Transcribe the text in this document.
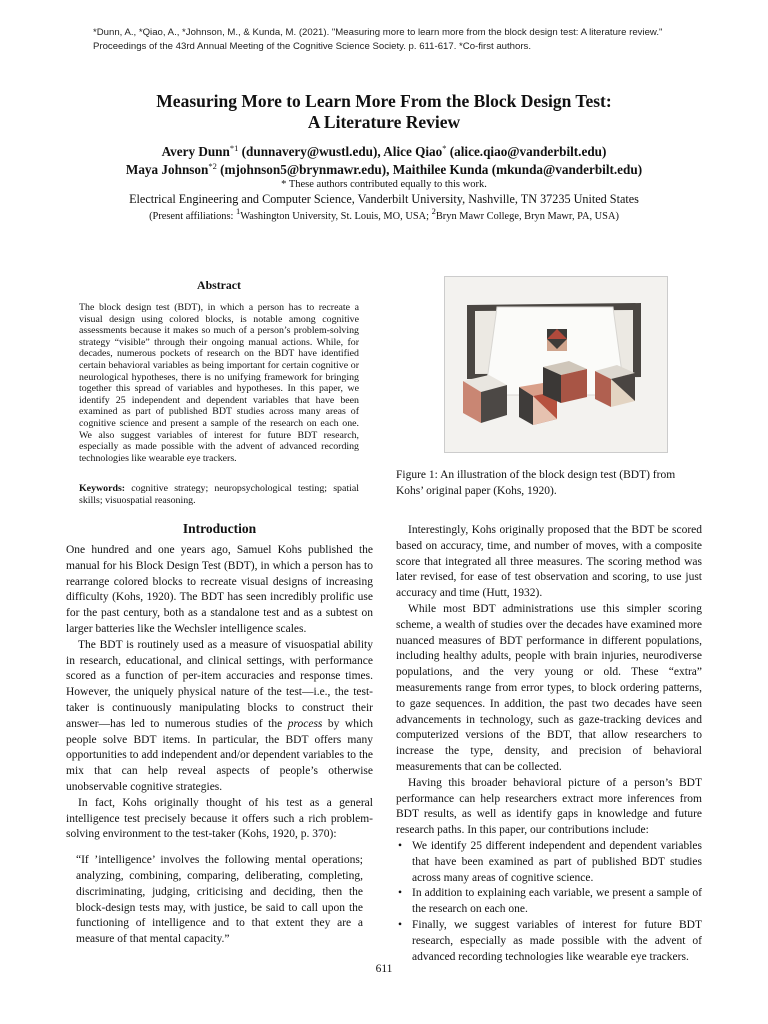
*Dunn, A., *Qiao, A., *Johnson, M., & Kunda, M. (2021). "Measuring more to learn more from the block design test: A literature review." Proceedings of the 43rd Annual Meeting of the Cognitive Science Society. p. 611-617. *Co-first authors.
Measuring More to Learn More From the Block Design Test:
A Literature Review
Avery Dunn$^{*1}$ (dunnavery@wustl.edu), Alice Qiao* (alice.qiao@vanderbilt.edu)
Maya Johnson$^{*2}$ (mjohnson5@brynmawr.edu), Maithilee Kunda (mkunda@vanderbilt.edu)
* These authors contributed equally to this work.
Electrical Engineering and Computer Science, Vanderbilt University, Nashville, TN 37235 United States
(Present affiliations: $^1$Washington University, St. Louis, MO, USA; $^2$Bryn Mawr College, Bryn Mawr, PA, USA)
Abstract
The block design test (BDT), in which a person has to recreate a visual design using colored blocks, is notable among cognitive assessments because it makes so much of a person’s problem-solving strategy “visible” through their ongoing manual actions. While, for decades, numerous pockets of research on the BDT have identified certain behavioral variables as being important for certain cognitive or neurological hypotheses, there is no unifying framework for bringing together this spread of variables and hypotheses. In this paper, we identify 25 independent and dependent variables that have been examined as part of published BDT studies across many areas of cognitive science and present a sample of the research on each one. We also suggest variables of interest for future BDT research, especially as made possible with the advent of advanced recording technologies like wearable eye trackers.
Keywords: cognitive strategy; neuropsychological testing; spatial skills; visuospatial reasoning.
Figure 1: An illustration of the block design test (BDT) from Kohs’ original paper (Kohs, 1920).
Introduction

One hundred and one years ago, Samuel Kohs published the manual for his Block Design Test (BDT), in which a person has to rearrange colored blocks to recreate visual designs of increasing difficulty (Kohs, 1920). The BDT has seen incredibly prolific use for the past century, both as a standalone test and as a subtest on larger batteries like the Wechsler intelligence scales.

The BDT is routinely used as a measure of visuospatial ability in research, educational, and clinical settings, with performance scored as a function of per-item accuracies and response times. However, the uniquely physical nature of the test—i.e., the test-taker is continuously manipulating blocks to construct their answer—has led to numerous studies of the process by which people solve BDT items. In particular, the BDT offers many opportunities to add independent and/or dependent variables to the mix that can help reveal aspects of people’s otherwise unobservable cognitive strategies.

In fact, Kohs originally thought of his test as a general intelligence test precisely because it offers such a rich problem-solving environment to the test-taker (Kohs, 1920, p. 370):

“If ’intelligence’ involves the following mental operations; analyzing, combining, comparing, deliberating, completing, discriminating, judging, criticising and deciding, then the block-design tests may, with justice, be said to call upon the functioning of intelligence and to that extent they are a measure of that mental capacity.”

Interestingly, Kohs originally proposed that the BDT be scored based on accuracy, time, and number of moves, with a composite score that integrated all three measures. The scoring method was later revised, for ease of test observation and scoring, to use just accuracy and time (Hutt, 1932).

While most BDT administrations use this simpler scoring scheme, a wealth of studies over the decades have examined more nuanced measures of BDT performance in different populations, including healthy adults, people with brain injuries, neurodiverse populations, and the very young or old. These “extra” measurements range from error types, to block ordering patterns, to gaze sequences. In addition, the past two decades have seen advancements in technology, such as gaze-tracking devices and computerized versions of the BDT, that allow researchers to increase the type, density, and precision of behavioral measurements that can be collected.

Having this broader behavioral picture of a person’s BDT performance can help researchers extract more inferences from BDT results, as well as identify gaps in knowledge and future research paths. In this paper, our contributions include:

• We identify 25 different independent and dependent variables that have been examined as part of published BDT studies across many areas of cognitive science.
• In addition to explaining each variable, we present a sample of the research on each one.
• Finally, we suggest variables of interest for future BDT research, especially as made possible with the advent of advanced recording technologies like wearable eye trackers.
611
